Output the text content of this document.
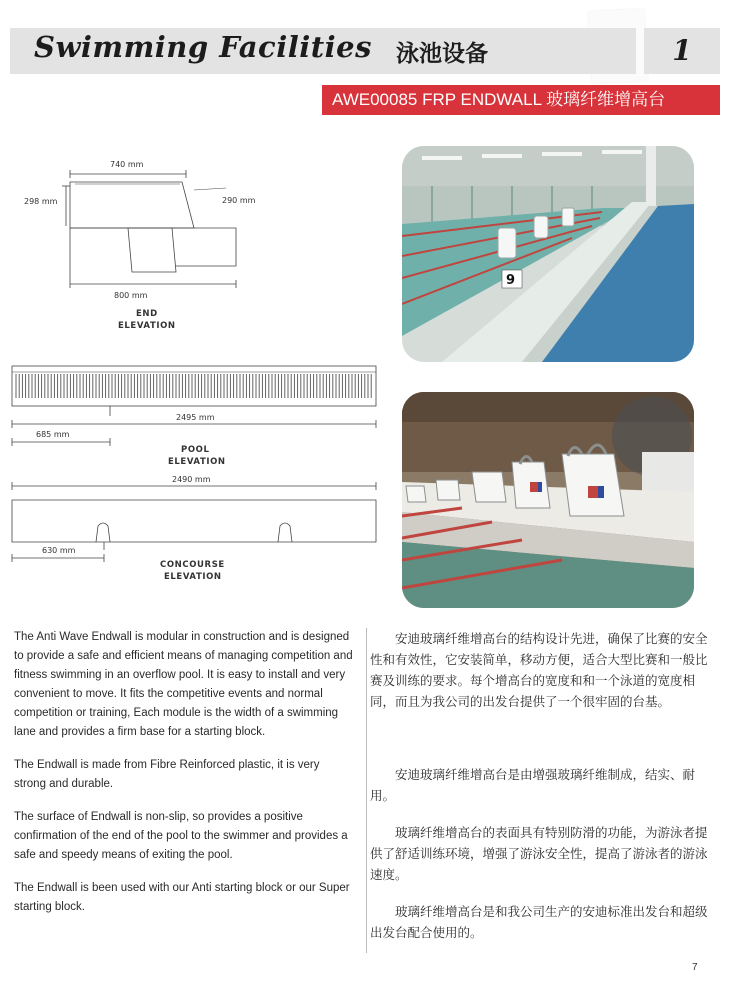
Swimming Facilities 泳池设备	1
AWE00085 FRP ENDWALL 玻璃纤维增高台
740 mm
298 mm	290 mm
800 mm
END
ELEVATION
2495 mm
685 mm
POOL
ELEVATION
2490 mm
630 mm
CONCOURSE
ELEVATION
9

The Anti Wave Endwall is modular in construction and is designed to provide a safe and efficient means of managing competition and fitness swimming in an overflow pool. It is easy to install and very convenient to move. It fits the competitive events and normal competition or training, Each module is the width of a swimming lane and provides a firm base for a starting block.

The Endwall is made from Fibre Reinforced plastic, it is very strong and durable.

The surface of Endwall is non-slip, so provides a positive confirmation of the end of the pool to the swimmer and provides a safe and speedy means of exiting the pool.

The Endwall is been used with our Anti starting block or our Super starting block.

安迪玻璃纤维增高台的结构设计先进，确保了比赛的安全性和有效性，它安装简单，移动方便，适合大型比赛和一般比赛及训练的要求。每个增高台的宽度和和一个泳道的宽度相同，而且为我公司的出发台提供了一个很牢固的台基。

安迪玻璃纤维增高台是由增强玻璃纤维制成，结实、耐用。

玻璃纤维增高台的表面具有特别防滑的功能，为游泳者提供了舒适训练环境，增强了游泳安全性，提高了游泳者的游泳速度。

玻璃纤维增高台是和我公司生产的安迪标准出发台和超级出发台配合使用的。

7
